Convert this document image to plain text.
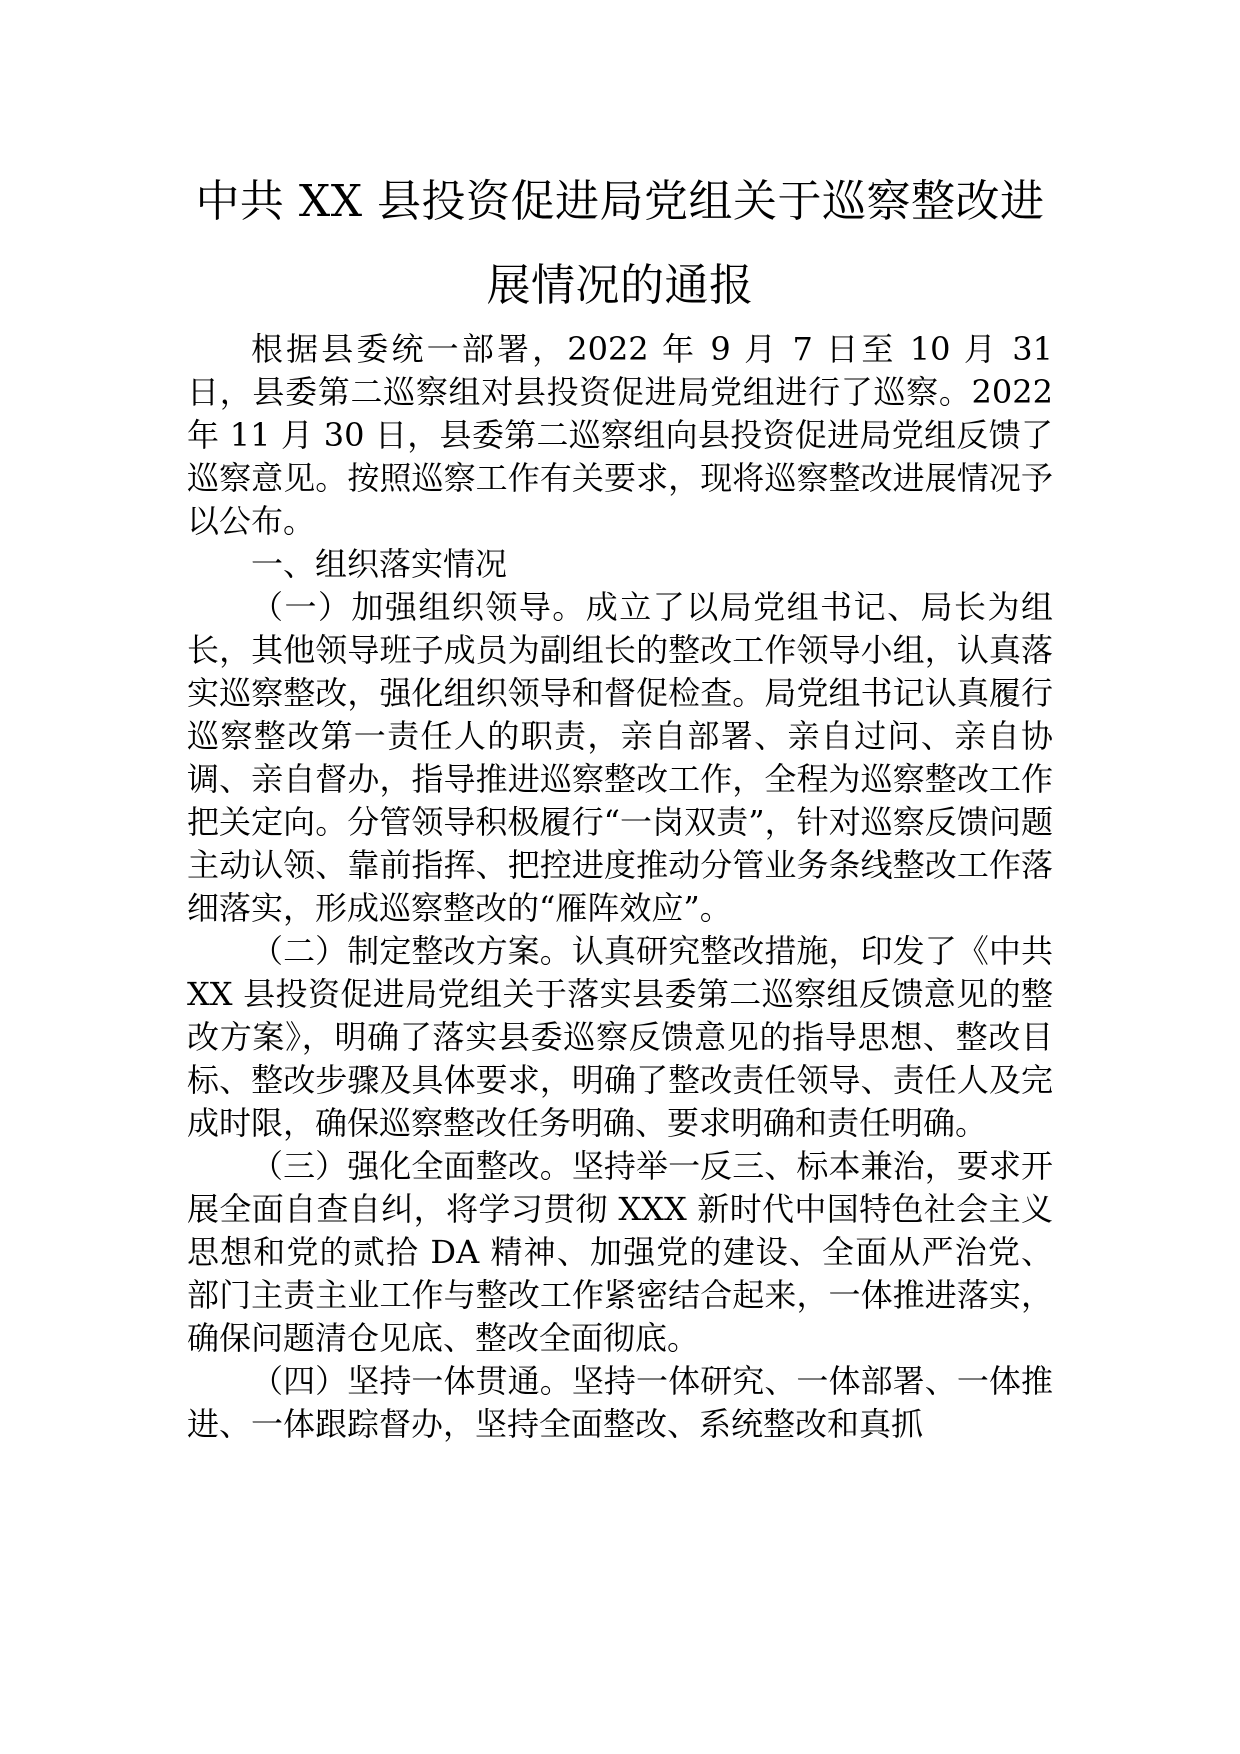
中共 XX 县投资促进局党组关于巡察整改进
展情况的通报

根据县委统一部署，2022 年 9 月 7 日至 10 月 31 日，县委第二巡察组对县投资促进局党组进行了巡察。2022 年 11 月 30 日，县委第二巡察组向县投资促进局党组反馈了巡察意见。按照巡察工作有关要求，现将巡察整改进展情况予以公布。

一、组织落实情况

（一）加强组织领导。成立了以局党组书记、局长为组长，其他领导班子成员为副组长的整改工作领导小组，认真落实巡察整改，强化组织领导和督促检查。局党组书记认真履行巡察整改第一责任人的职责，亲自部署、亲自过问、亲自协调、亲自督办，指导推进巡察整改工作，全程为巡察整改工作把关定向。分管领导积极履行“一岗双责”，针对巡察反馈问题主动认领、靠前指挥、把控进度推动分管业务条线整改工作落细落实，形成巡察整改的“雁阵效应”。

（二）制定整改方案。认真研究整改措施，印发了《中共 XX 县投资促进局党组关于落实县委第二巡察组反馈意见的整改方案》，明确了落实县委巡察反馈意见的指导思想、整改目标、整改步骤及具体要求，明确了整改责任领导、责任人及完成时限，确保巡察整改任务明确、要求明确和责任明确。

（三）强化全面整改。坚持举一反三、标本兼治，要求开展全面自查自纠，将学习贯彻 XXX 新时代中国特色社会主义思想和党的贰拾 DA 精神、加强党的建设、全面从严治党、部门主责主业工作与整改工作紧密结合起来，一体推进落实，确保问题清仓见底、整改全面彻底。

（四）坚持一体贯通。坚持一体研究、一体部署、一体推进、一体跟踪督办，坚持全面整改、系统整改和真抓
